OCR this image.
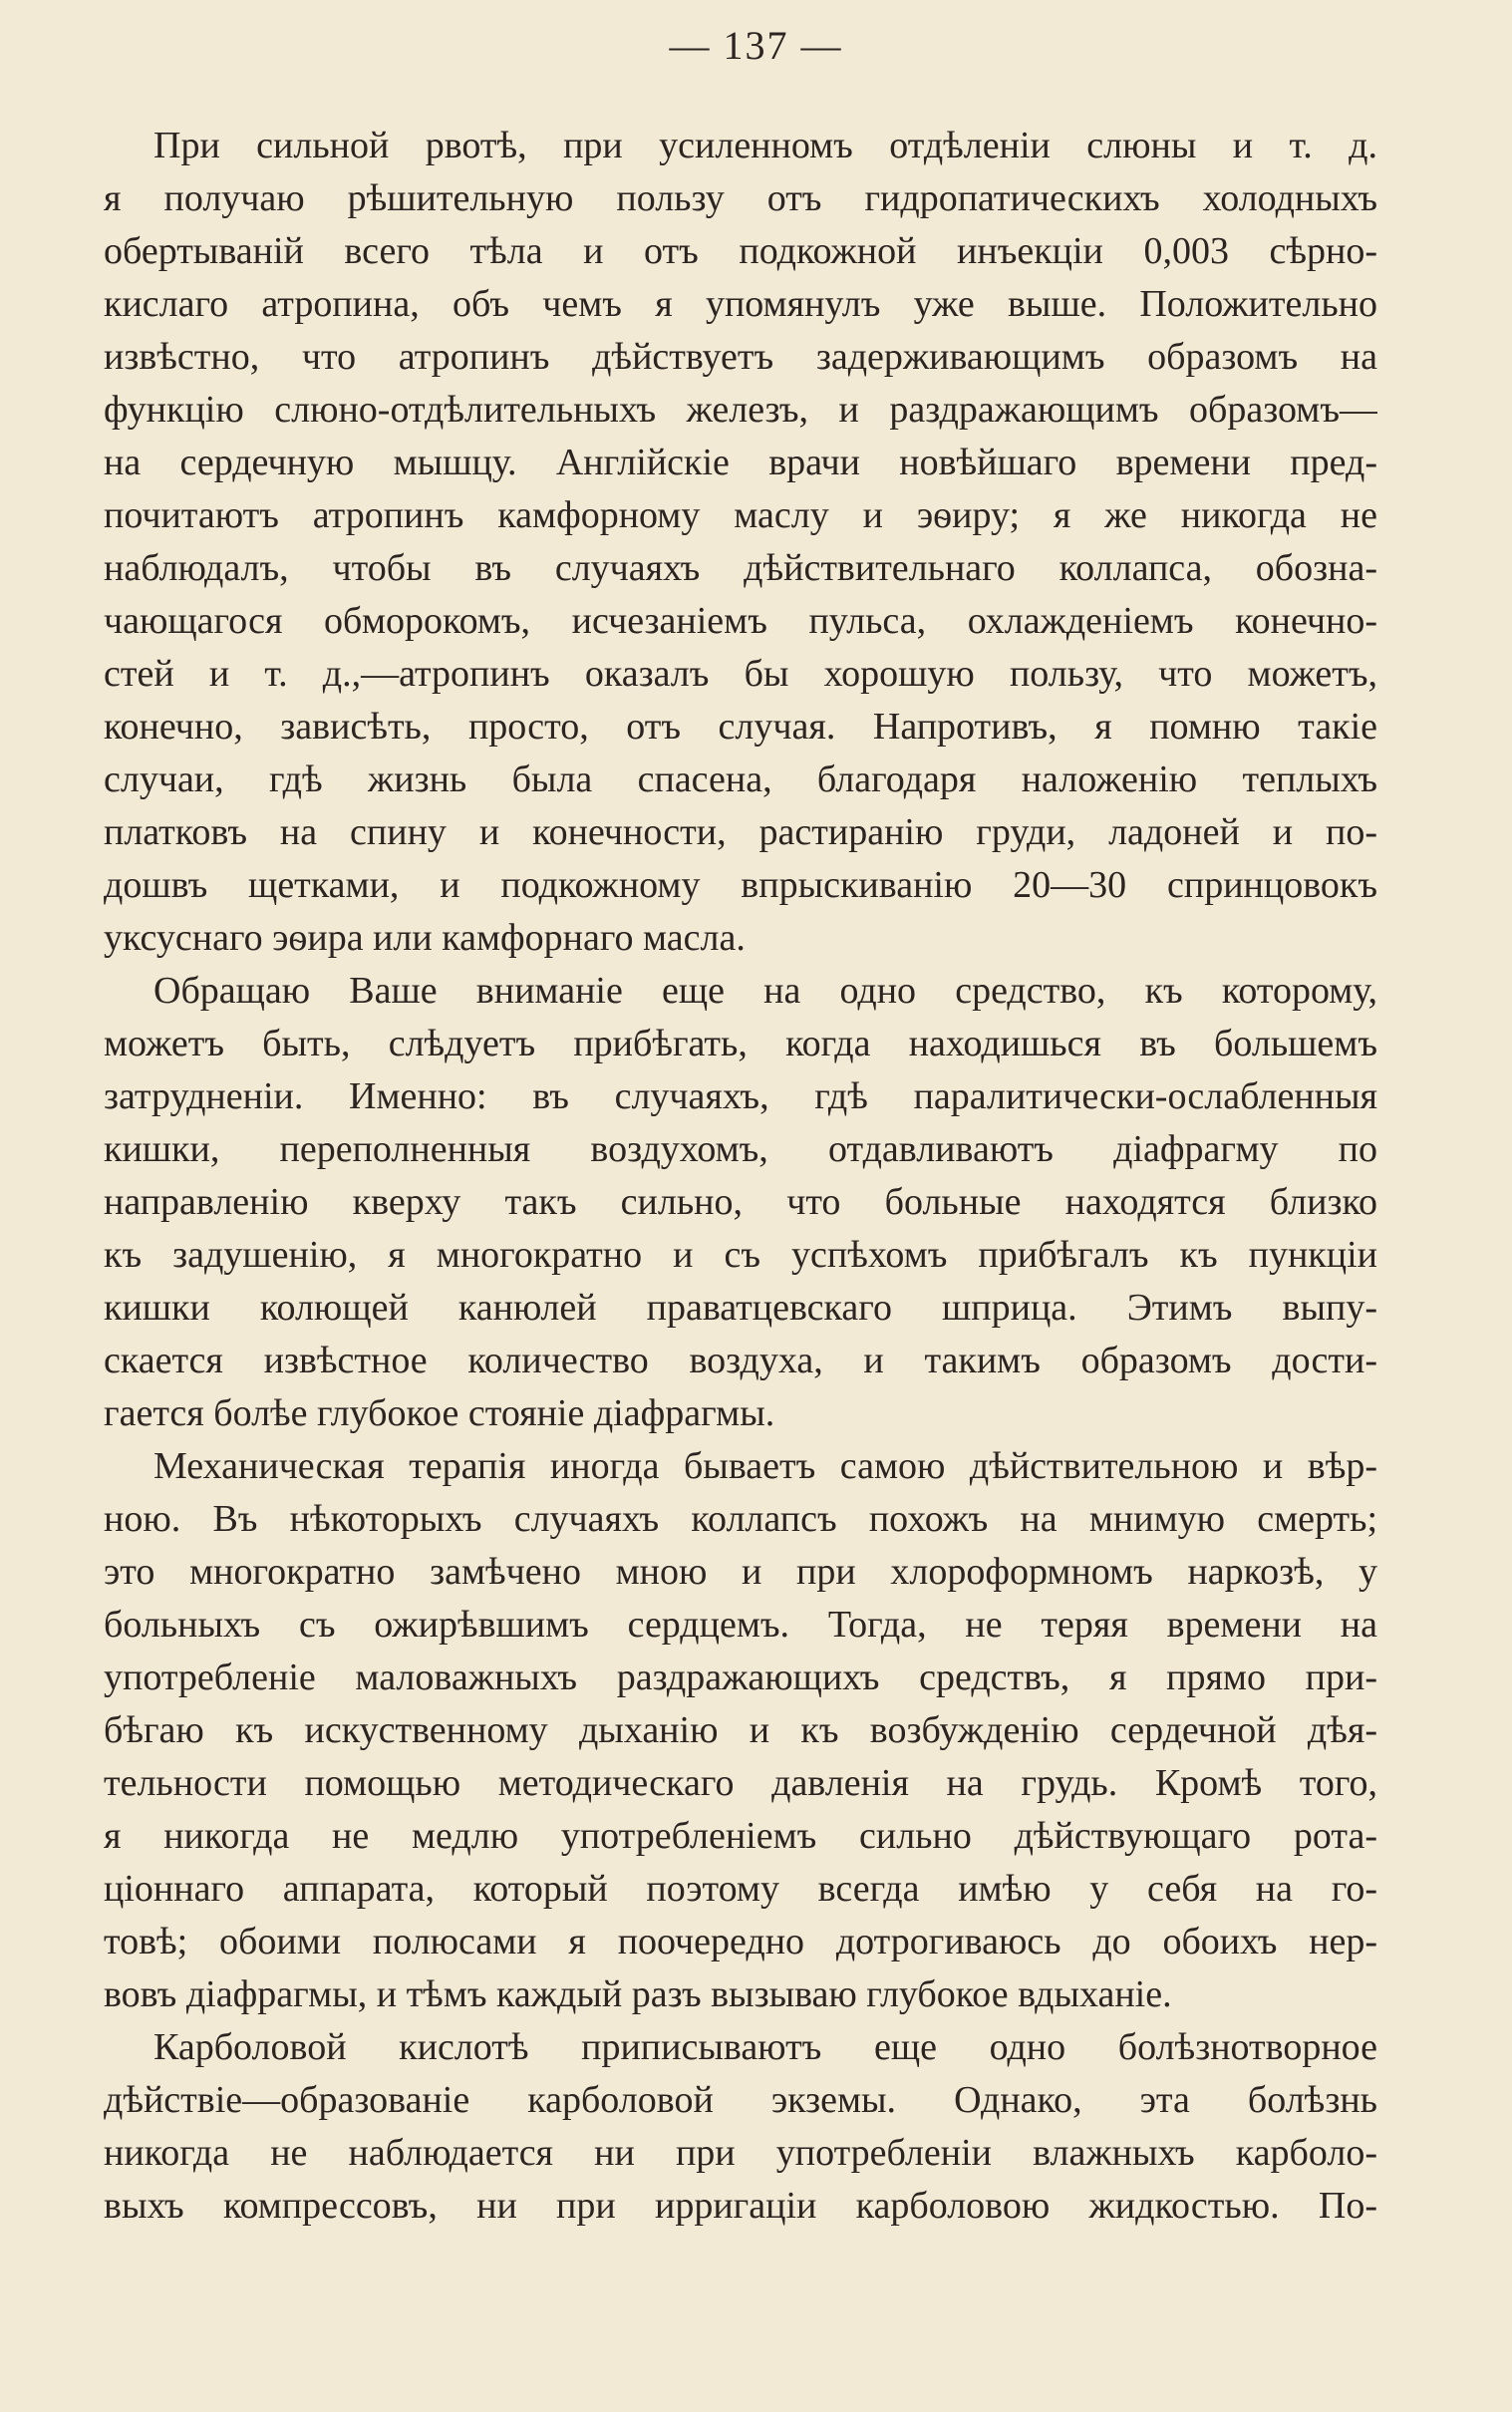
— 137 —
При сильной рвотѣ, при усиленномъ отдѣленіи слюны и т. д.
я получаю рѣшительную пользу отъ гидропатическихъ холодныхъ
обертываній всего тѣла и отъ подкожной инъекціи 0,003 сѣрно-
кислаго атропина, объ чемъ я упомянулъ уже выше. Положительно
извѣстно, что атропинъ дѣйствуетъ задерживающимъ образомъ на
функцію слюно-отдѣлительныхъ железъ, и раздражающимъ образомъ—
на сердечную мышцу. Англійскіе врачи новѣйшаго времени пред-
почитаютъ атропинъ камфорному маслу и эѳиру; я же никогда не
наблюдалъ, чтобы въ случаяхъ дѣйствительнаго коллапса, обозна-
чающагося обморокомъ, исчезаніемъ пульса, охлажденіемъ конечно-
стей и т. д.,—атропинъ оказалъ бы хорошую пользу, что можетъ,
конечно, зависѣть, просто, отъ случая. Напротивъ, я помню такіе
случаи, гдѣ жизнь была спасена, благодаря наложенію теплыхъ
платковъ на спину и конечности, растиранію груди, ладоней и по-
дошвъ щетками, и подкожному впрыскиванію 20—30 спринцовокъ
уксуснаго эѳира или камфорнаго масла.
Обращаю Ваше вниманіе еще на одно средство, къ которому,
можетъ быть, слѣдуетъ прибѣгать, когда находишься въ большемъ
затрудненіи. Именно: въ случаяхъ, гдѣ паралитически-ослабленныя
кишки, переполненныя воздухомъ, отдавливаютъ діафрагму по
направленію кверху такъ сильно, что больные находятся близко
къ задушенію, я многократно и съ успѣхомъ прибѣгалъ къ пункціи
кишки колющей канюлей праватцевскаго шприца. Этимъ выпу-
скается извѣстное количество воздуха, и такимъ образомъ дости-
гается болѣе глубокое стояніе діафрагмы.
Механическая терапія иногда бываетъ самою дѣйствительною и вѣр-
ною. Въ нѣкоторыхъ случаяхъ коллапсъ похожъ на мнимую смерть;
это многократно замѣчено мною и при хлороформномъ наркозѣ, у
больныхъ съ ожирѣвшимъ сердцемъ. Тогда, не теряя времени на
употребленіе маловажныхъ раздражающихъ средствъ, я прямо при-
бѣгаю къ искуственному дыханію и къ возбужденію сердечной дѣя-
тельности помощью методическаго давленія на грудь. Кромѣ того,
я никогда не медлю употребленіемъ сильно дѣйствующаго рота-
ціоннаго аппарата, который поэтому всегда имѣю у себя на го-
товѣ; обоими полюсами я поочередно дотрогиваюсь до обоихъ нер-
вовъ діафрагмы, и тѣмъ каждый разъ вызываю глубокое вдыханіе.
Карболовой кислотѣ приписываютъ еще одно болѣзнотворное
дѣйствіе—образованіе карболовой экземы. Однако, эта болѣзнь
никогда не наблюдается ни при употребленіи влажныхъ карболо-
выхъ компрессовъ, ни при ирригаціи карболовою жидкостью. По-
